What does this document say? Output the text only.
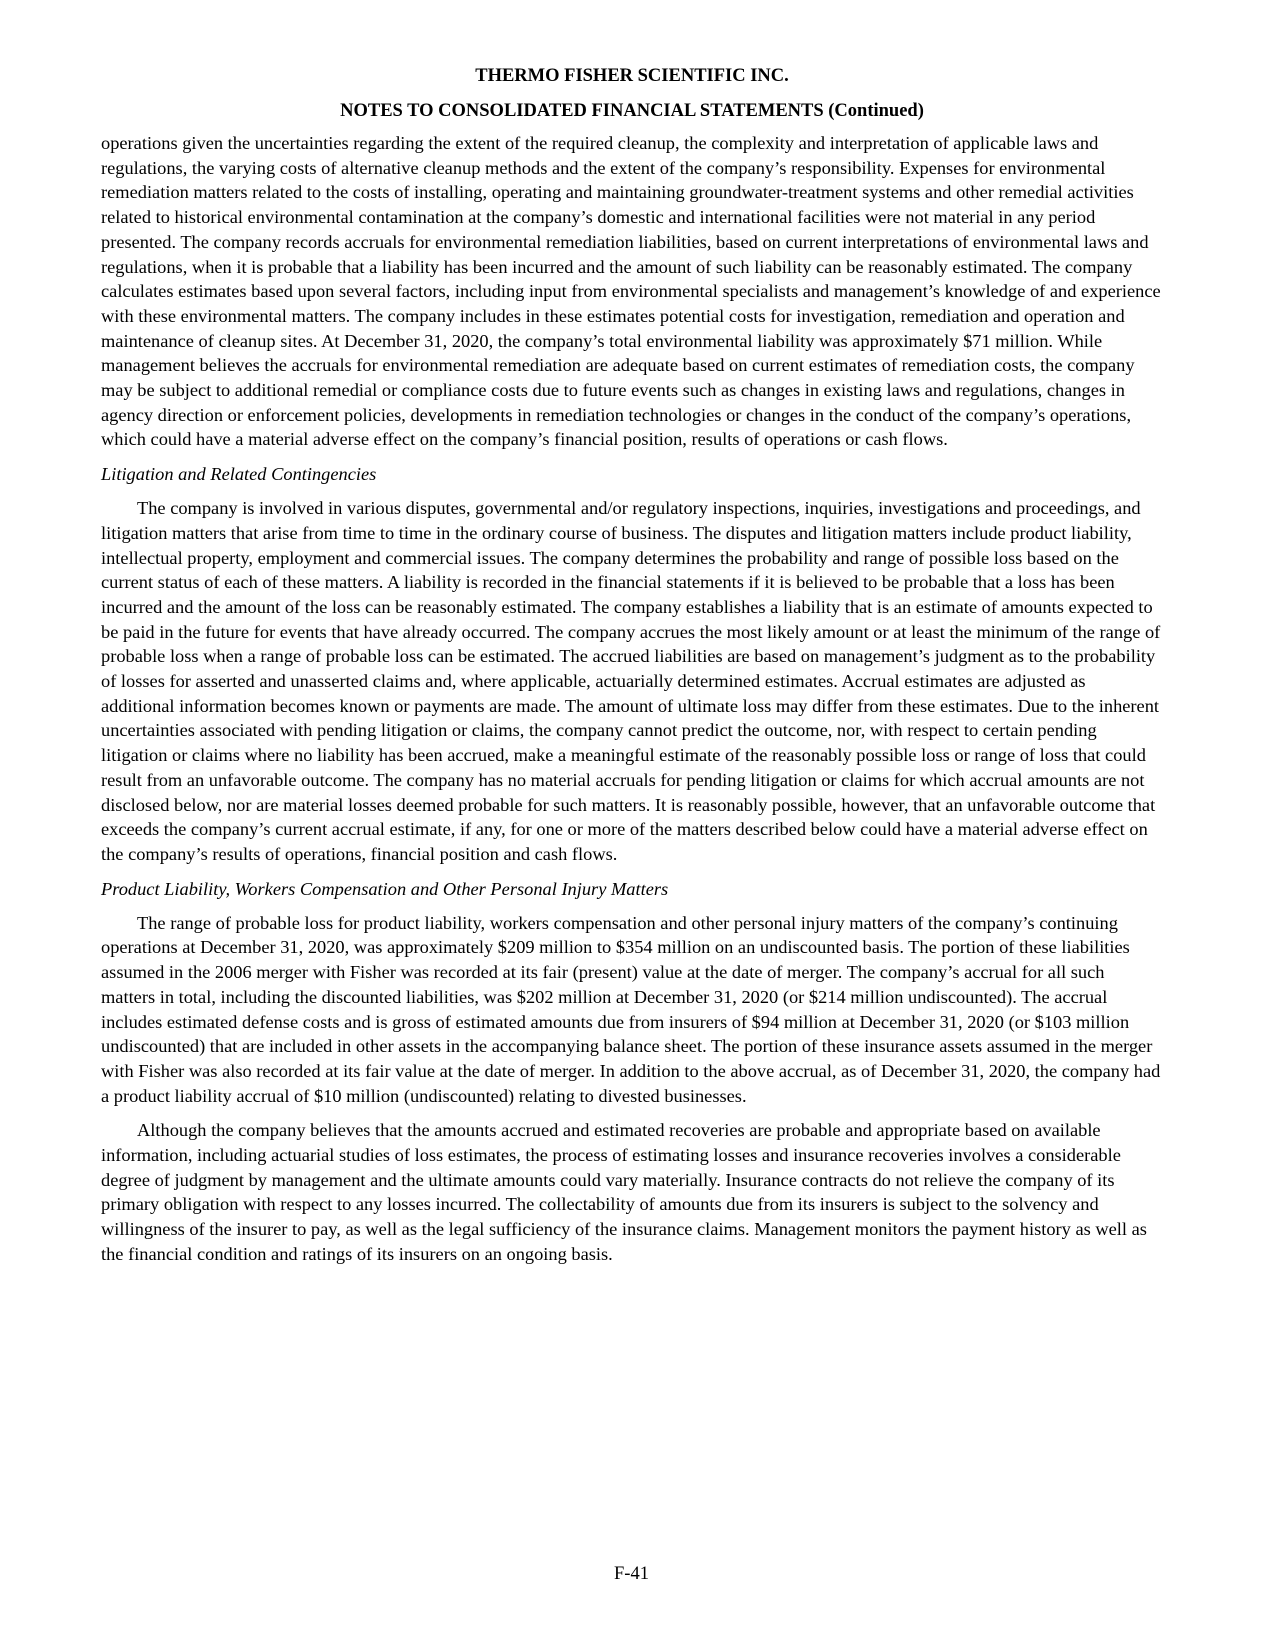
THERMO FISHER SCIENTIFIC INC.
NOTES TO CONSOLIDATED FINANCIAL STATEMENTS (Continued)

operations given the uncertainties regarding the extent of the required cleanup, the complexity and interpretation of applicable laws and regulations, the varying costs of alternative cleanup methods and the extent of the company’s responsibility. Expenses for environmental remediation matters related to the costs of installing, operating and maintaining groundwater-treatment systems and other remedial activities related to historical environmental contamination at the company’s domestic and international facilities were not material in any period presented. The company records accruals for environmental remediation liabilities, based on current interpretations of environmental laws and regulations, when it is probable that a liability has been incurred and the amount of such liability can be reasonably estimated. The company calculates estimates based upon several factors, including input from environmental specialists and management’s knowledge of and experience with these environmental matters. The company includes in these estimates potential costs for investigation, remediation and operation and maintenance of cleanup sites. At December 31, 2020, the company’s total environmental liability was approximately $71 million. While management believes the accruals for environmental remediation are adequate based on current estimates of remediation costs, the company may be subject to additional remedial or compliance costs due to future events such as changes in existing laws and regulations, changes in agency direction or enforcement policies, developments in remediation technologies or changes in the conduct of the company’s operations, which could have a material adverse effect on the company’s financial position, results of operations or cash flows.

Litigation and Related Contingencies

The company is involved in various disputes, governmental and/or regulatory inspections, inquiries, investigations and proceedings, and litigation matters that arise from time to time in the ordinary course of business. The disputes and litigation matters include product liability, intellectual property, employment and commercial issues. The company determines the probability and range of possible loss based on the current status of each of these matters. A liability is recorded in the financial statements if it is believed to be probable that a loss has been incurred and the amount of the loss can be reasonably estimated. The company establishes a liability that is an estimate of amounts expected to be paid in the future for events that have already occurred. The company accrues the most likely amount or at least the minimum of the range of probable loss when a range of probable loss can be estimated. The accrued liabilities are based on management’s judgment as to the probability of losses for asserted and unasserted claims and, where applicable, actuarially determined estimates. Accrual estimates are adjusted as additional information becomes known or payments are made. The amount of ultimate loss may differ from these estimates. Due to the inherent uncertainties associated with pending litigation or claims, the company cannot predict the outcome, nor, with respect to certain pending litigation or claims where no liability has been accrued, make a meaningful estimate of the reasonably possible loss or range of loss that could result from an unfavorable outcome. The company has no material accruals for pending litigation or claims for which accrual amounts are not disclosed below, nor are material losses deemed probable for such matters. It is reasonably possible, however, that an unfavorable outcome that exceeds the company’s current accrual estimate, if any, for one or more of the matters described below could have a material adverse effect on the company’s results of operations, financial position and cash flows.

Product Liability, Workers Compensation and Other Personal Injury Matters

The range of probable loss for product liability, workers compensation and other personal injury matters of the company’s continuing operations at December 31, 2020, was approximately $209 million to $354 million on an undiscounted basis. The portion of these liabilities assumed in the 2006 merger with Fisher was recorded at its fair (present) value at the date of merger. The company’s accrual for all such matters in total, including the discounted liabilities, was $202 million at December 31, 2020 (or $214 million undiscounted). The accrual includes estimated defense costs and is gross of estimated amounts due from insurers of $94 million at December 31, 2020 (or $103 million undiscounted) that are included in other assets in the accompanying balance sheet. The portion of these insurance assets assumed in the merger with Fisher was also recorded at its fair value at the date of merger. In addition to the above accrual, as of December 31, 2020, the company had a product liability accrual of $10 million (undiscounted) relating to divested businesses.

Although the company believes that the amounts accrued and estimated recoveries are probable and appropriate based on available information, including actuarial studies of loss estimates, the process of estimating losses and insurance recoveries involves a considerable degree of judgment by management and the ultimate amounts could vary materially. Insurance contracts do not relieve the company of its primary obligation with respect to any losses incurred. The collectability of amounts due from its insurers is subject to the solvency and willingness of the insurer to pay, as well as the legal sufficiency of the insurance claims. Management monitors the payment history as well as the financial condition and ratings of its insurers on an ongoing basis.

F-41
